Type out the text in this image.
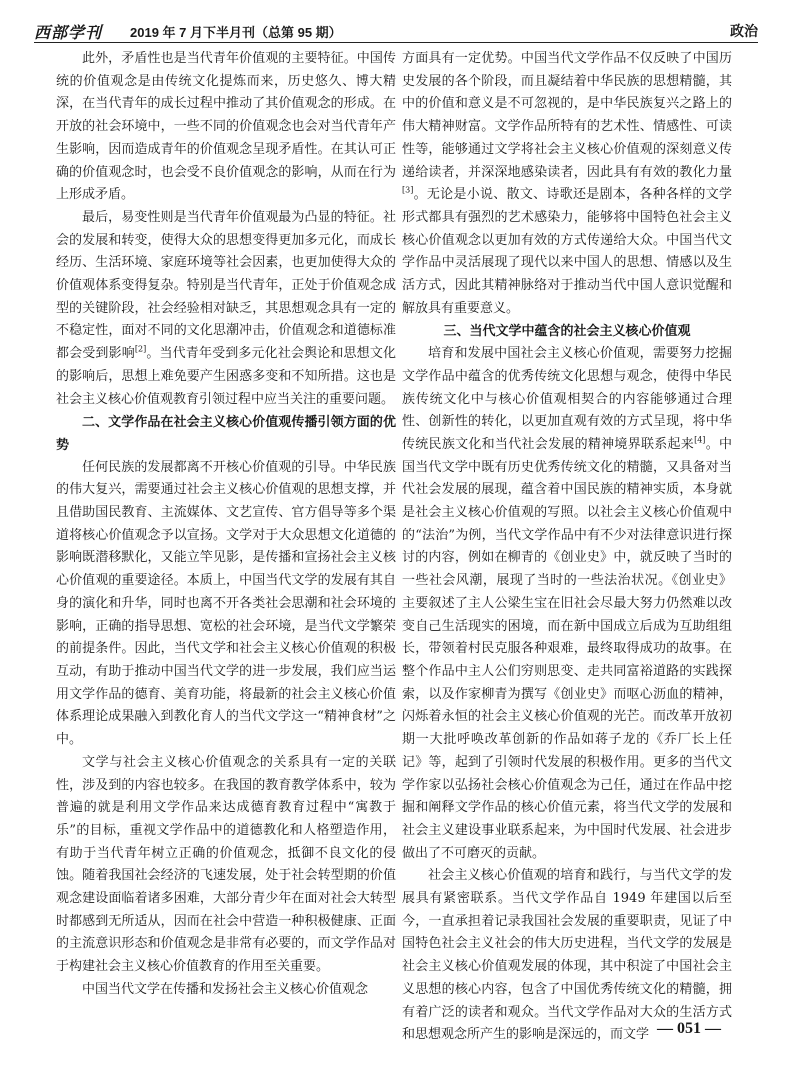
西部学刊 2019 年 7 月下半月刊（总第 95 期）	政治

此外，矛盾性也是当代青年价值观的主要特征。中国传统的价值观念是由传统文化提炼而来，历史悠久、博大精深，在当代青年的成长过程中推动了其价值观念的形成。在开放的社会环境中，一些不同的价值观念也会对当代青年产生影响，因而造成青年的价值观念呈现矛盾性。在其认可正确的价值观念时，也会受不良价值观念的影响，从而在行为上形成矛盾。

最后，易变性则是当代青年价值观最为凸显的特征。社会的发展和转变，使得大众的思想变得更加多元化，而成长经历、生活环境、家庭环境等社会因素，也更加使得大众的价值观体系变得复杂。特别是当代青年，正处于价值观念成型的关键阶段，社会经验相对缺乏，其思想观念具有一定的不稳定性，面对不同的文化思潮冲击，价值观念和道德标准都会受到影响[2]。当代青年受到多元化社会舆论和思想文化的影响后，思想上难免要产生困惑多变和不知所措。这也是社会主义核心价值观教育引领过程中应当关注的重要问题。

二、文学作品在社会主义核心价值观传播引领方面的优势

任何民族的发展都离不开核心价值观的引导。中华民族的伟大复兴，需要通过社会主义核心价值观的思想支撑，并且借助国民教育、主流媒体、文艺宣传、官方倡导等多个渠道将核心价值观念予以宣扬。文学对于大众思想文化道德的影响既潜移默化，又能立竿见影，是传播和宣扬社会主义核心价值观的重要途径。本质上，中国当代文学的发展有其自身的演化和升华，同时也离不开各类社会思潮和社会环境的影响，正确的指导思想、宽松的社会环境，是当代文学繁荣的前提条件。因此，当代文学和社会主义核心价值观的积极互动，有助于推动中国当代文学的进一步发展，我们应当运用文学作品的德育、美育功能，将最新的社会主义核心价值体系理论成果融入到教化育人的当代文学这一“精神食材”之中。

文学与社会主义核心价值观念的关系具有一定的关联性，涉及到的内容也较多。在我国的教育教学体系中，较为普遍的就是利用文学作品来达成德育教育过程中“寓教于乐”的目标，重视文学作品中的道德教化和人格塑造作用，有助于当代青年树立正确的价值观念，抵御不良文化的侵蚀。随着我国社会经济的飞速发展，处于社会转型期的价值观念建设面临着诸多困难，大部分青少年在面对社会大转型时都感到无所适从，因而在社会中营造一种积极健康、正面的主流意识形态和价值观念是非常有必要的，而文学作品对于构建社会主义核心价值教育的作用至关重要。

中国当代文学在传播和发扬社会主义核心价值观念

方面具有一定优势。中国当代文学作品不仅反映了中国历史发展的各个阶段，而且凝结着中华民族的思想精髓，其中的价值和意义是不可忽视的，是中华民族复兴之路上的伟大精神财富。文学作品所特有的艺术性、情感性、可读性等，能够通过文学将社会主义核心价值观的深刻意义传递给读者，并深深地感染读者，因此具有有效的教化力量[3]。无论是小说、散文、诗歌还是剧本，各种各样的文学形式都具有强烈的艺术感染力，能够将中国特色社会主义核心价值观念以更加有效的方式传递给大众。中国当代文学作品中灵活展现了现代以来中国人的思想、情感以及生活方式，因此其精神脉络对于推动当代中国人意识觉醒和解放具有重要意义。

三、当代文学中蕴含的社会主义核心价值观

培育和发展中国社会主义核心价值观，需要努力挖掘文学作品中蕴含的优秀传统文化思想与观念，使得中华民族传统文化中与核心价值观相契合的内容能够通过合理性、创新性的转化，以更加直观有效的方式呈现，将中华传统民族文化和当代社会发展的精神境界联系起来[4]。中国当代文学中既有历史优秀传统文化的精髓，又具备对当代社会发展的展现，蕴含着中国民族的精神实质，本身就是社会主义核心价值观的写照。以社会主义核心价值观中的“法治”为例，当代文学作品中有不少对法律意识进行探讨的内容，例如在柳青的《创业史》中，就反映了当时的一些社会风潮，展现了当时的一些法治状况。《创业史》主要叙述了主人公梁生宝在旧社会尽最大努力仍然难以改变自己生活现实的困境，而在新中国成立后成为互助组组长，带领着村民克服各种艰难，最终取得成功的故事。在整个作品中主人公们穷则思变、走共同富裕道路的实践探索，以及作家柳青为撰写《创业史》而呕心沥血的精神，闪烁着永恒的社会主义核心价值观的光芒。而改革开放初期一大批呼唤改革创新的作品如蒋子龙的《乔厂长上任记》等，起到了引领时代发展的积极作用。更多的当代文学作家以弘扬社会核心价值观念为己任，通过在作品中挖掘和阐释文学作品的核心价值元素，将当代文学的发展和社会主义建设事业联系起来，为中国时代发展、社会进步做出了不可磨灭的贡献。

社会主义核心价值观的培育和践行，与当代文学的发展具有紧密联系。当代文学作品自 1949 年建国以后至今，一直承担着记录我国社会发展的重要职责，见证了中国特色社会主义社会的伟大历史进程，当代文学的发展是社会主义核心价值观发展的体现，其中积淀了中国社会主义思想的核心内容，包含了中国优秀传统文化的精髓，拥有着广泛的读者和观众。当代文学作品对大众的生活方式和思想观念所产生的影响是深远的，而文学 — 051 —
